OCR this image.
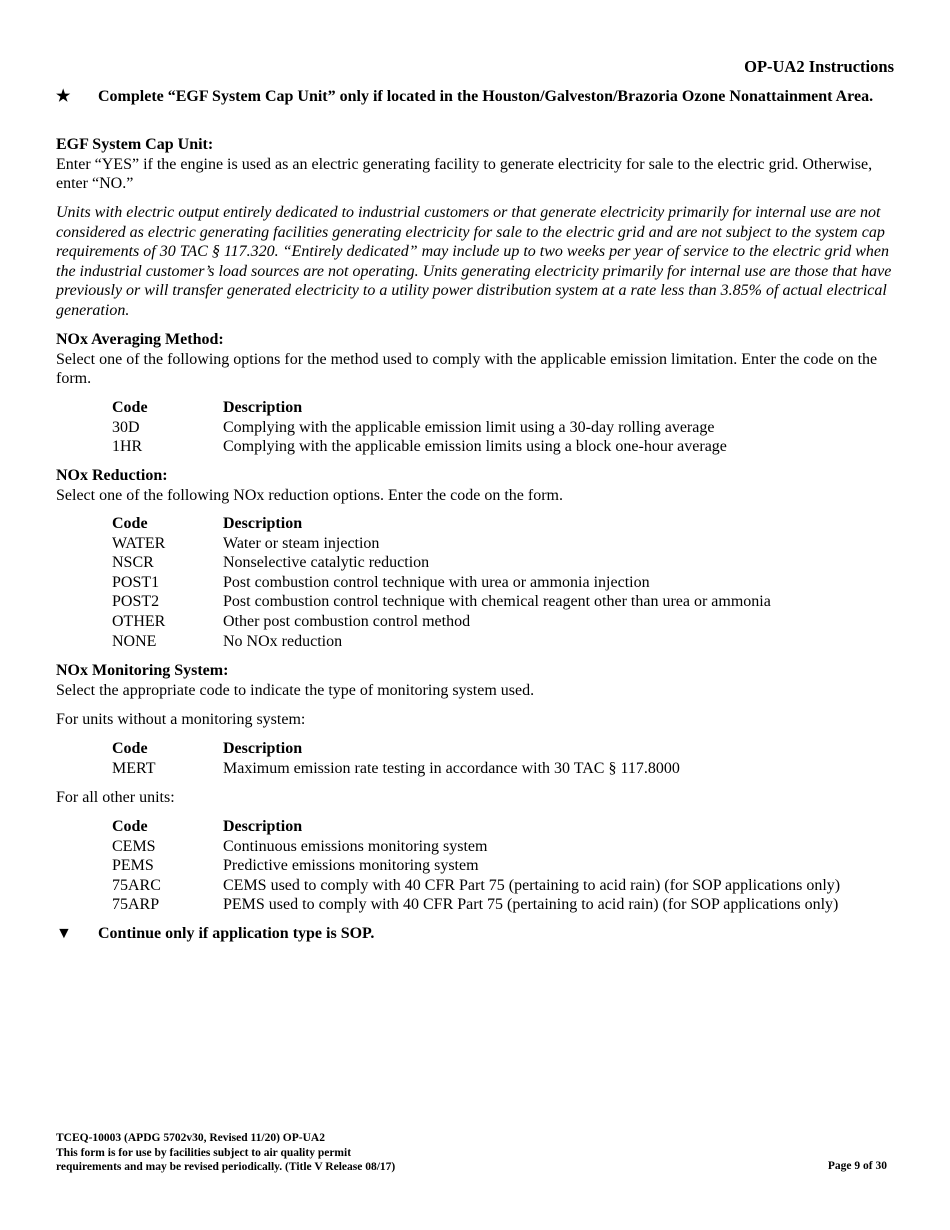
OP-UA2 Instructions
★	Complete “EGF System Cap Unit” only if located in the Houston/Galveston/Brazoria Ozone Nonattainment Area.
EGF System Cap Unit:
Enter “YES” if the engine is used as an electric generating facility to generate electricity for sale to the electric grid. Otherwise, enter “NO.”
Units with electric output entirely dedicated to industrial customers or that generate electricity primarily for internal use are not considered as electric generating facilities generating electricity for sale to the electric grid and are not subject to the system cap requirements of 30 TAC § 117.320. “Entirely dedicated” may include up to two weeks per year of service to the electric grid when the industrial customer’s load sources are not operating. Units generating electricity primarily for internal use are those that have previously or will transfer generated electricity to a utility power distribution system at a rate less than 3.85% of actual electrical generation.
NOx Averaging Method:
Select one of the following options for the method used to comply with the applicable emission limitation. Enter the code on the form.
Code	Description
30D	Complying with the applicable emission limit using a 30-day rolling average
1HR	Complying with the applicable emission limits using a block one-hour average
NOx Reduction:
Select one of the following NOx reduction options. Enter the code on the form.
Code	Description
WATER	Water or steam injection
NSCR	Nonselective catalytic reduction
POST1	Post combustion control technique with urea or ammonia injection
POST2	Post combustion control technique with chemical reagent other than urea or ammonia
OTHER	Other post combustion control method
NONE	No NOx reduction
NOx Monitoring System:
Select the appropriate code to indicate the type of monitoring system used.
For units without a monitoring system:
Code	Description
MERT	Maximum emission rate testing in accordance with 30 TAC § 117.8000
For all other units:
Code	Description
CEMS	Continuous emissions monitoring system
PEMS	Predictive emissions monitoring system
75ARC	CEMS used to comply with 40 CFR Part 75 (pertaining to acid rain) (for SOP applications only)
75ARP	PEMS used to comply with 40 CFR Part 75 (pertaining to acid rain) (for SOP applications only)
▼ Continue only if application type is SOP.
TCEQ-10003 (APDG 5702v30, Revised 11/20) OP-UA2
This form is for use by facilities subject to air quality permit
requirements and may be revised periodically. (Title V Release 08/17)	Page 9 of 30
